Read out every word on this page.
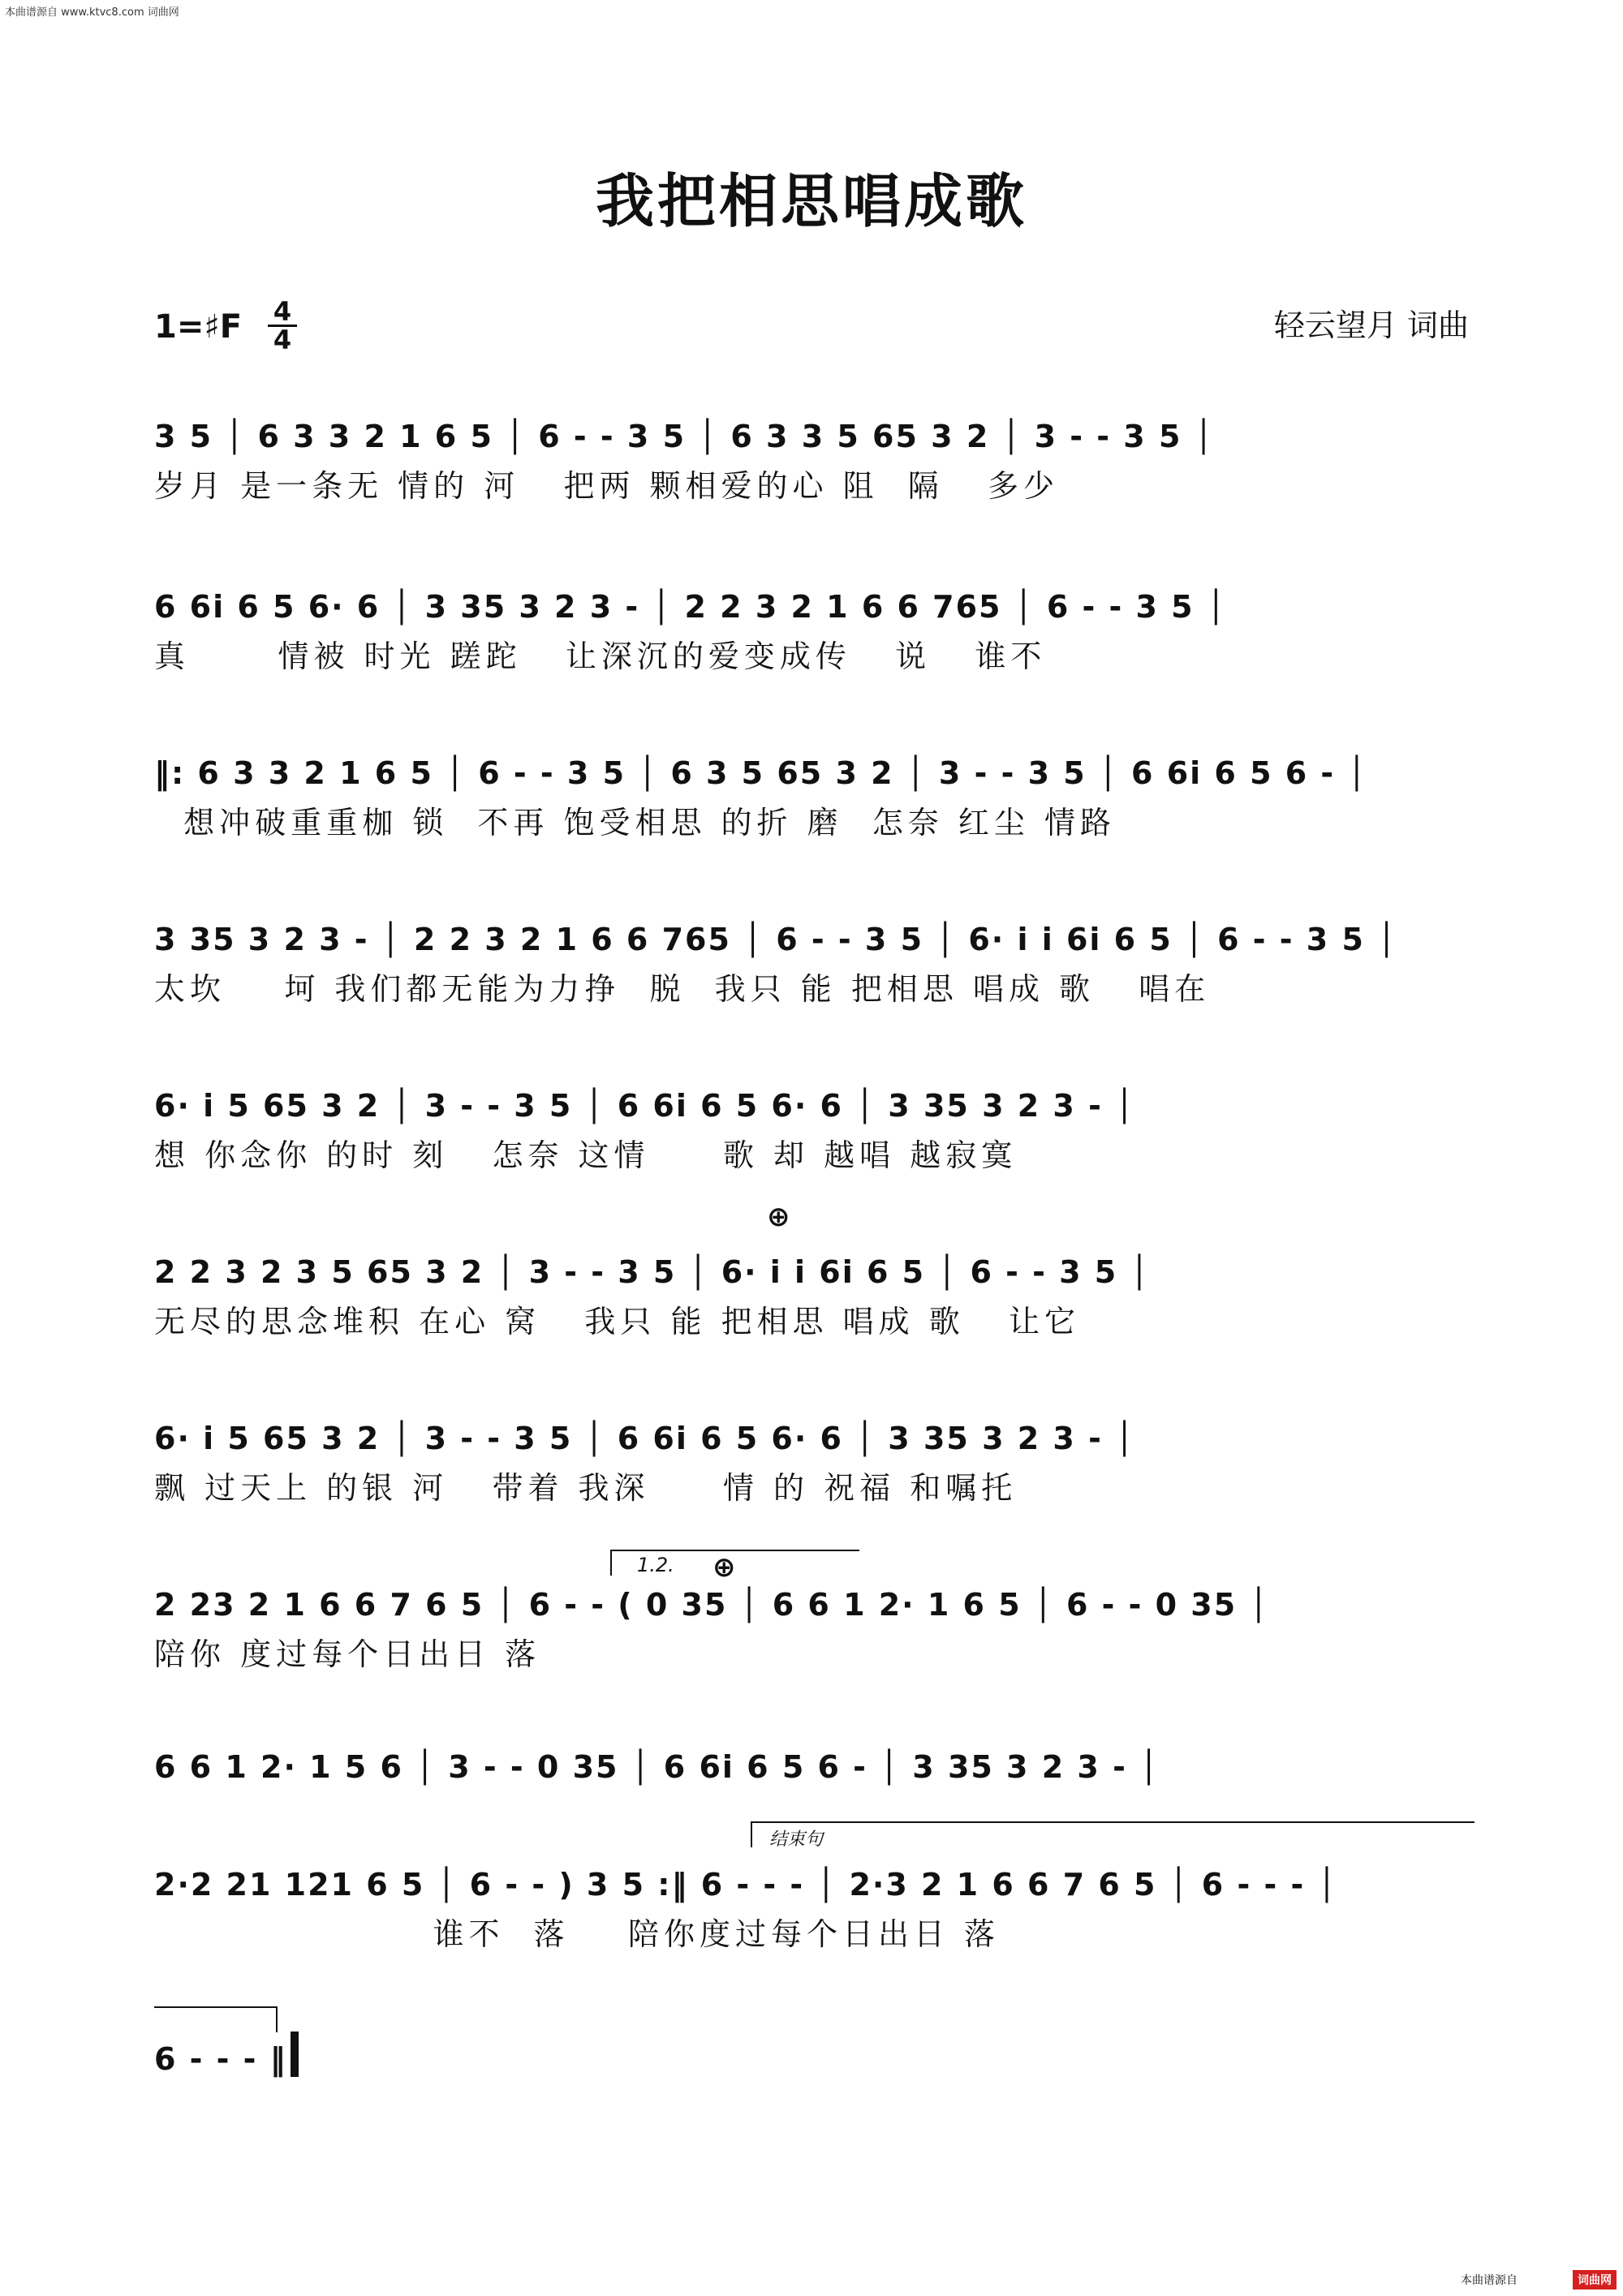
本曲谱源自 www.ktvc8.com 词曲网
我把相思唱成歌
1=♯F 4
4	轻云望月 词曲
3 5 │ 6 3 3 2 1 6 5 │ 6 - - 3 5 │ 6 3 3 5 65 3 2 │ 3 - - 3 5 │
岁月 是一条无 情的 河   把两 颗相爱的心 阻  隔   多少
6 6i 6 5 6· 6 │ 3 35 3 2 3 - │ 2 2 3 2 1 6 6 765 │ 6 - - 3 5 │
真      情被 时光 蹉跎   让深沉的爱变成传   说   谁不
‖: 6 3 3 2 1 6 5 │ 6 - - 3 5 │ 6 3 5 65 3 2 │ 3 - - 3 5 │ 6 6i 6 5 6 - │
想冲破重重枷 锁  不再 饱受相思 的折 磨  怎奈 红尘 情路
3 35 3 2 3 - │ 2 2 3 2 1 6 6 765 │ 6 - - 3 5 │ 6· i i 6i 6 5 │ 6 - - 3 5 │
太坎    坷 我们都无能为力挣  脱  我只 能 把相思 唱成 歌   唱在
6· i 5 65 3 2 │ 3 - - 3 5 │ 6 6i 6 5 6· 6 │ 3 35 3 2 3 - │
想 你念你 的时 刻   怎奈 这情     歌 却 越唱 越寂寞
⊕
2 2 3 2 3 5 65 3 2 │ 3 - - 3 5 │ 6· i i 6i 6 5 │ 6 - - 3 5 │
无尽的思念堆积 在心 窝   我只 能 把相思 唱成 歌   让它
6· i 5 65 3 2 │ 3 - - 3 5 │ 6 6i 6 5 6· 6 │ 3 35 3 2 3 - │
飘 过天上 的银 河   带着 我深     情 的 祝福 和嘱托
1.2. ⊕
2 23 2 1 6 6 7 6 5 │ 6 - - ( 0 35 │ 6 6 1 2· 1 6 5 │ 6 - - 0 35 │
陪你 度过每个日出日 落
6 6 1 2· 1 5 6 │ 3 - - 0 35 │ 6 6i 6 5 6 - │ 3 35 3 2 3 - │
结束句
2·2 21 121 6 5 │ 6 - - ) 3 5 :‖ 6 - - - │ 2·3 2 1 6 6 7 6 5 │ 6 - - - │
谁不  落    陪你度过每个日出日 落
6 - - - ‖
本曲谱源自	词曲网
